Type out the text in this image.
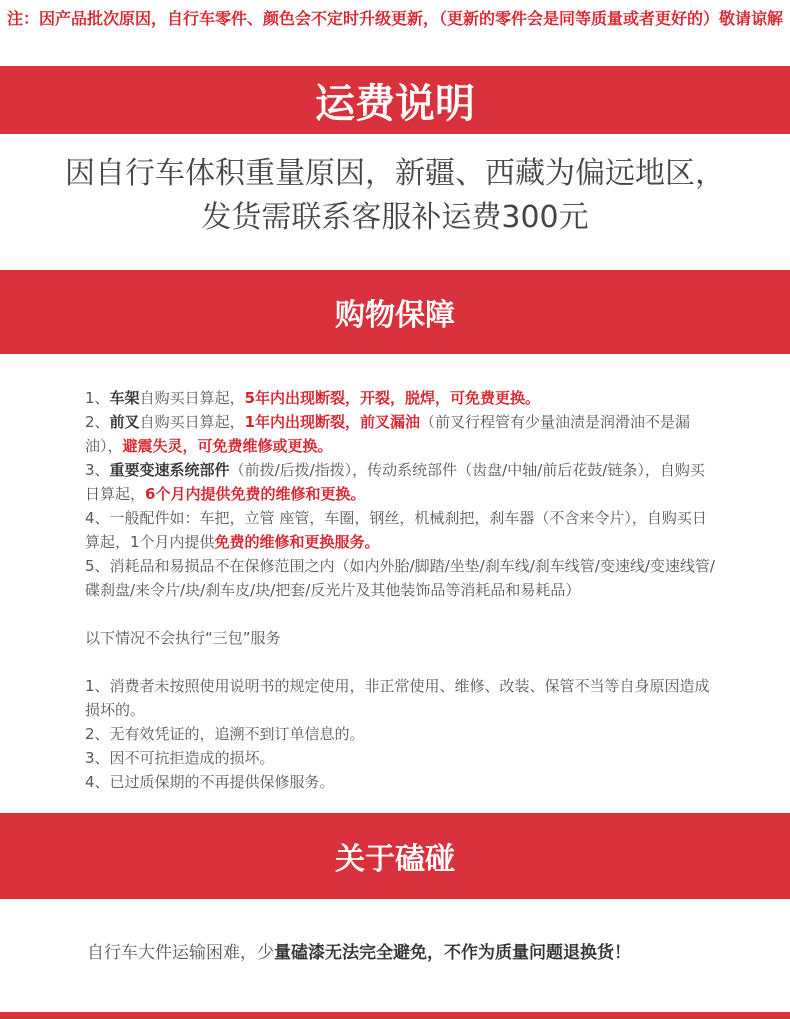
注：因产品批次原因，自行车零件、颜色会不定时升级更新，（更新的零件会是同等质量或者更好的）敬请谅解
运费说明
因自行车体积重量原因，新疆、西藏为偏远地区，
发货需联系客服补运费300元
购物保障

1、车架自购买日算起，5年内出现断裂，开裂，脱焊，可免费更换。

2、前叉自购买日算起，1年内出现断裂，前叉漏油（前叉行程管有少量油渍是润滑油不是漏油），避震失灵，可免费维修或更换。

3、重要变速系统部件（前拨/后拨/指拨），传动系统部件（齿盘/中轴/前后花鼓/链条），自购买日算起，6个月内提供免费的维修和更换。

4、一般配件如：车把，立管 座管，车圈，钢丝，机械刹把，刹车器（不含来令片），自购买日算起，1个月内提供免费的维修和更换服务。

5、消耗品和易损品不在保修范围之内（如内外胎/脚踏/坐垫/刹车线/刹车线管/变速线/变速线管/碟刹盘/来令片/块/刹车皮/块/把套/反光片及其他装饰品等消耗品和易耗品）

以下情况不会执行“三包”服务

1、消费者未按照使用说明书的规定使用，非正常使用、维修、改装、保管不当等自身原因造成损坏的。

2、无有效凭证的，追溯不到订单信息的。

3、因不可抗拒造成的损坏。

4、已过质保期的不再提供保修服务。

关于磕碰
自行车大件运输困难，少量磕漆无法完全避免，不作为质量问题退换货！
